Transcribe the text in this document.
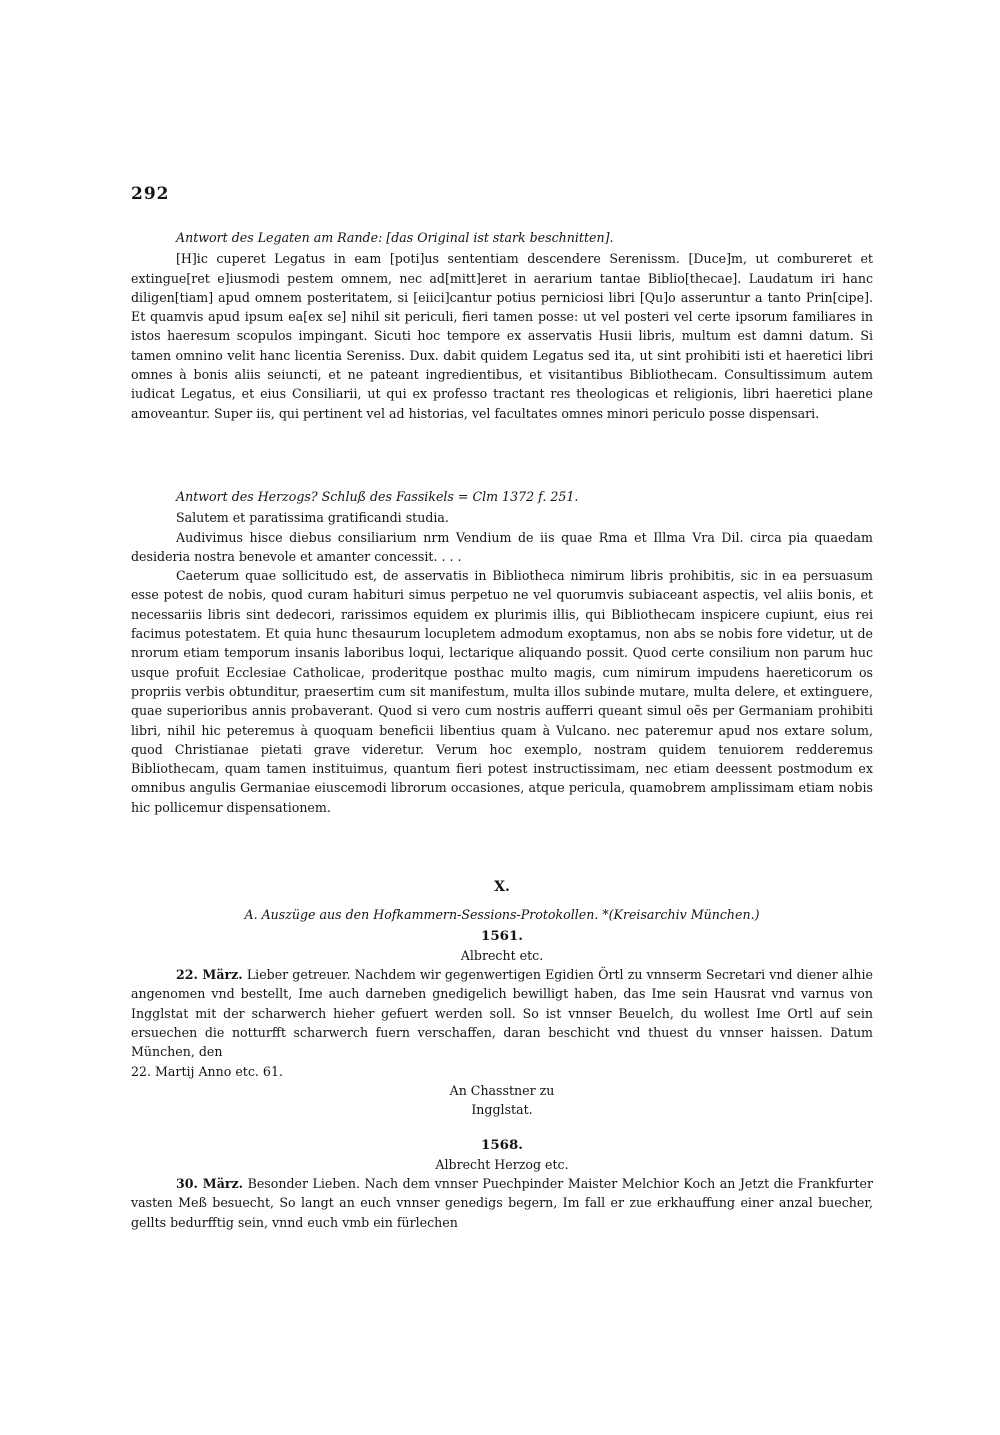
292
Antwort des Legaten am Rande: [das Original ist stark beschnitten].

[H]ic cuperet Legatus in eam [poti]us sententiam descendere Serenissm. [Duce]m, ut combureret et extingue[ret e]iusmodi pestem omnem, nec ad[mitt]eret in aerarium tantae Biblio[thecae]. Laudatum iri hanc diligen[tiam] apud omnem posteritatem, si [eiici]cantur potius perniciosi libri [Qu]o asseruntur a tanto Prin[cipe]. Et quamvis apud ipsum ea[ex se] nihil sit periculi, fieri tamen posse: ut vel posteri vel certe ipsorum familiares in istos haeresum scopulos impingant. Sicuti hoc tempore ex asservatis Husii libris, multum est damni datum. Si tamen omnino velit hanc licentia Sereniss. Dux. dabit quidem Legatus sed ita, ut sint prohibiti isti et haeretici libri omnes à bonis aliis seiuncti, et ne pateant ingredientibus, et visitantibus Bibliothecam. Consultissimum autem iudicat Legatus, et eius Consiliarii, ut qui ex professo tractant res theologicas et religionis, libri haeretici plane amoveantur. Super iis, qui pertinent vel ad historias, vel facultates omnes minori periculo posse dispensari.

Antwort des Herzogs? Schluß des Fassikels = Clm 1372 f. 251.

Salutem et paratissima gratificandi studia.

Audivimus hisce diebus consiliarium nrm Vendium de iis quae Rma et Illma Vra Dil. circa pia quaedam desideria nostra benevole et amanter concessit. . . .

Caeterum quae sollicitudo est, de asservatis in Bibliotheca nimirum libris prohibitis, sic in ea persuasum esse potest de nobis, quod curam habituri simus perpetuo ne vel quorumvis subiaceant aspectis, vel aliis bonis, et necessariis libris sint dedecori, rarissimos equidem ex plurimis illis, qui Bibliothecam inspicere cupiunt, eius rei facimus potestatem. Et quia hunc thesaurum locupletem admodum exoptamus, non abs se nobis fore videtur, ut de nrorum etiam temporum insanis laboribus loqui, lectarique aliquando possit. Quod certe consilium non parum huc usque profuit Ecclesiae Catholicae, proderitque posthac multo magis, cum nimirum impudens haereticorum os propriis verbis obtunditur, praesertim cum sit manifestum, multa illos subinde mutare, multa delere, et extinguere, quae superioribus annis probaverant. Quod si vero cum nostris aufferri queant simul oẽs per Germaniam prohibiti libri, nihil hic peteremus à quoquam beneficii libentius quam à Vulcano. nec pateremur apud nos extare solum, quod Christianae pietati grave videretur. Verum hoc exemplo, nostram quidem tenuiorem redderemus Bibliothecam, quam tamen instituimus, quantum fieri potest instructissimam, nec etiam deessent postmodum ex omnibus angulis Germaniae eiuscemodi librorum occasiones, atque pericula, quamobrem amplissimam etiam nobis hic pollicemur dispensationem.

X.
A. Auszüge aus den Hofkammern-Sessions-Protokollen. *(Kreisarchiv München.)
1561.
Albrecht etc.

22. März. Lieber getreuer. Nachdem wir gegenwertigen Egidien Örtl zu vnnserm Secretari vnd diener alhie angenomen vnd bestellt, Ime auch darneben gnedigelich bewilligt haben, das Ime sein Hausrat vnd varnus von Ingglstat mit der scharwerch hieher gefuert werden soll. So ist vnnser Beuelch, du wollest Ime Ortl auf sein ersuechen die notturfft scharwerch fuern verschaffen, daran beschicht vnd thuest du vnnser haissen. Datum München, den

22. Martij Anno etc. 61.
An Chasstner zu
Ingglstat.
1568.
Albrecht Herzog etc.

30. März. Besonder Lieben. Nach dem vnnser Puechpinder Maister Melchior Koch an Jetzt die Frankfurter vasten Meß besuecht, So langt an euch vnnser genedigs begern, Im fall er zue erkhauffung einer anzal buecher, gellts bedurfftig sein, vnnd euch vmb ein fürlechen
